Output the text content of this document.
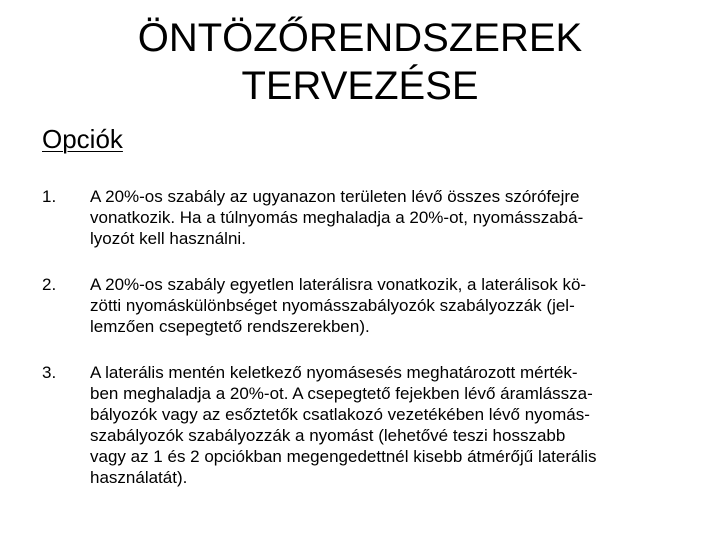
ÖNTÖZŐRENDSZEREK
TERVEZÉSE
Opciók
1.	A 20%-os szabály az ugyanazon területen lévő összes szórófejre
vonatkozik. Ha a túlnyomás meghaladja a 20%-ot, nyomásszabá-
lyozót kell használni.
2.	A 20%-os szabály egyetlen laterálisra vonatkozik, a laterálisok kö-
zötti nyomáskülönbséget nyomásszabályozók szabályozzák (jel-
lemzően csepegtető rendszerekben).
3.	A laterális mentén keletkező nyomásesés meghatározott mérték-
ben meghaladja a 20%-ot. A csepegtető fejekben lévő áramlássza-
bályozók vagy az esőztetők csatlakozó vezetékében lévő nyomás-
szabályozók szabályozzák a nyomást (lehetővé teszi hosszabb
vagy az 1 és 2 opciókban megengedettnél kisebb átmérőjű laterális
használatát).
